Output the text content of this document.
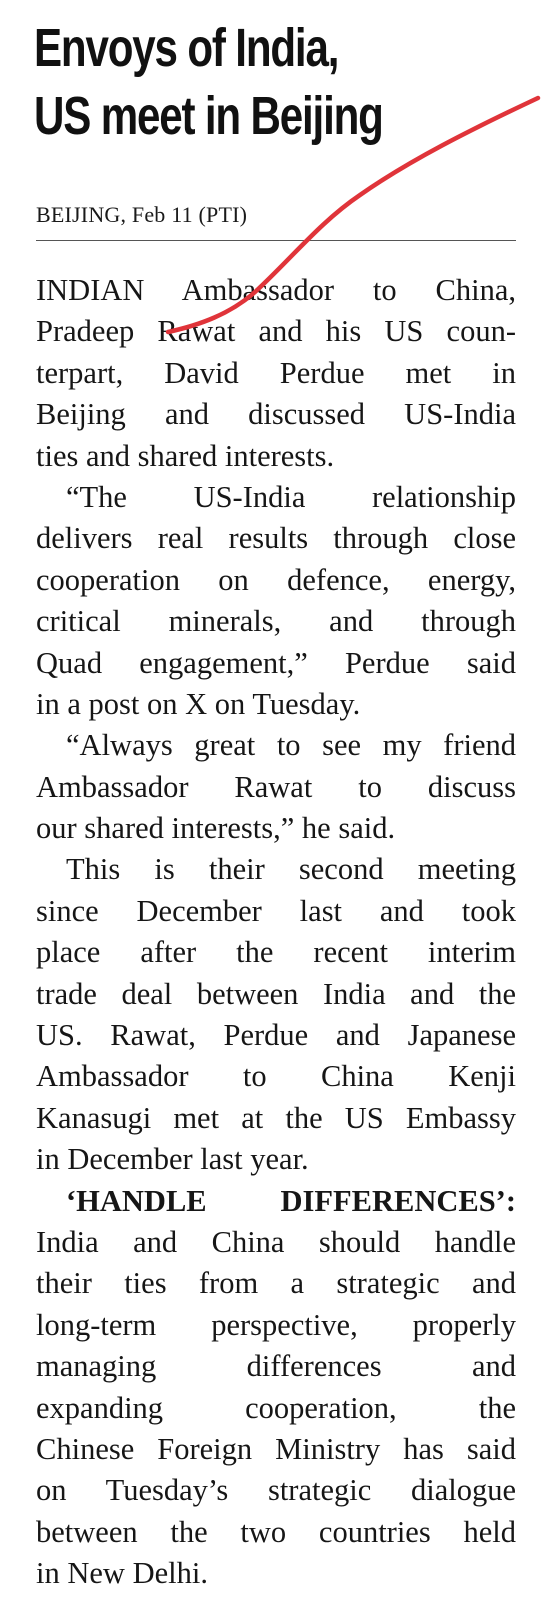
Envoys of India,
US meet in Beijing
BEIJING, Feb 11 (PTI)
INDIAN Ambassador to China,
Pradeep Rawat and his US coun-
terpart, David Perdue met in
Beijing and discussed US-India
ties and shared interests.
“The US-India relationship
delivers real results through close
cooperation on defence, energy,
critical minerals, and through
Quad engagement,” Perdue said
in a post on X on Tuesday.
“Always great to see my friend
Ambassador Rawat to discuss
our shared interests,” he said.
This is their second meeting
since December last and took
place after the recent interim
trade deal between India and the
US. Rawat, Perdue and Japanese
Ambassador to China Kenji
Kanasugi met at the US Embassy
in December last year.
‘HANDLE DIFFERENCES’:
India and China should handle
their ties from a strategic and
long-term perspective, properly
managing differences and
expanding cooperation, the
Chinese Foreign Ministry has said
on Tuesday’s strategic dialogue
between the two countries held
in New Delhi.
